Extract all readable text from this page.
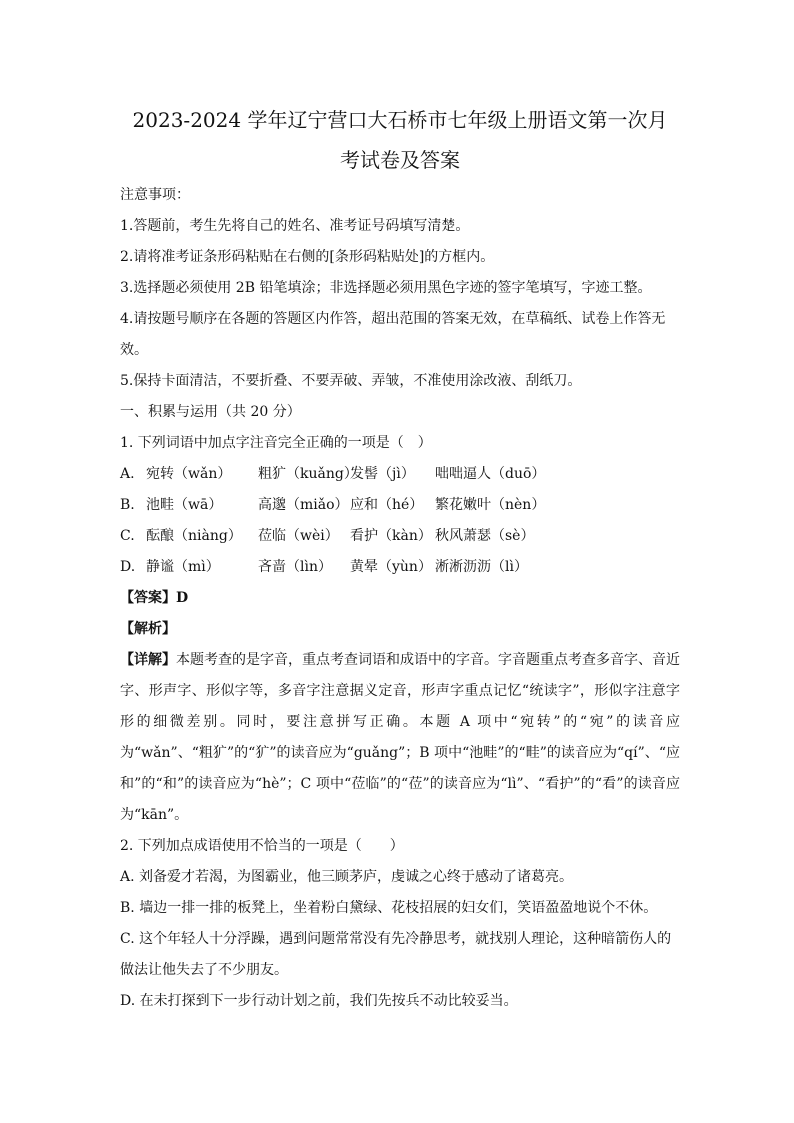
2023-2024 学年辽宁营口大石桥市七年级上册语文第一次月
考试卷及答案
注意事项：
1.答题前，考生先将自己的姓名、准考证号码填写清楚。
2.请将准考证条形码粘贴在右侧的[条形码粘贴处]的方框内。
3.选择题必须使用 2B 铅笔填涂；非选择题必须用黑色字迹的签字笔填写，字迹工整。
4.请按题号顺序在各题的答题区内作答，超出范围的答案无效，在草稿纸、试卷上作答无效。
5.保持卡面清洁，不要折叠、不要弄破、弄皱，不准使用涂改液、刮纸刀。
一、积累与运用（共 20 分）
1. 下列词语中加点字注音完全正确的一项是（　）
A. 宛转（wǎn） 粗犷（kuǎng）发髻（jì） 咄咄逼人（duō）
B. 池畦（wā）	高邈（miǎo）应和（hé） 繁花嫩叶（nèn）
C. 酝酿（niàng） 莅临（wèi） 看护（kàn） 秋风萧瑟（sè）
D. 静谧（mì）	吝啬（lìn） 黄晕（yùn） 淅淅沥沥（lì）
【答案】D
【解析】
【详解】本题考查的是字音，重点考查词语和成语中的字音。字音题重点考查多音字、音近字、形声字、形似字等，多音字注意据义定音，形声字重点记忆“统读字”，形似字注意字形的细微差别。同时，要注意拼写正确。本题 A 项中“宛转”的“宛”的读音应为“wǎn”、“粗犷”的“犷”的读音应为“guǎng”；B 项中“池畦”的“畦”的读音应为“qí”、“应和”的“和”的读音应为“hè”；C 项中“莅临”的“莅”的读音应为“lì”、“看护”的“看”的读音应为“kān”。
2. 下列加点成语使用不恰当的一项是（　　）
A. 刘备爱才若渴，为图霸业，他三顾茅庐，虔诚之心终于感动了诸葛亮。
B. 墙边一排一排的板凳上，坐着粉白黛绿、花枝招展的妇女们，笑语盈盈地说个不休。
C. 这个年轻人十分浮躁，遇到问题常常没有先冷静思考，就找别人理论，这种暗箭伤人的做法让他失去了不少朋友。
D. 在未打探到下一步行动计划之前，我们先按兵不动比较妥当。
